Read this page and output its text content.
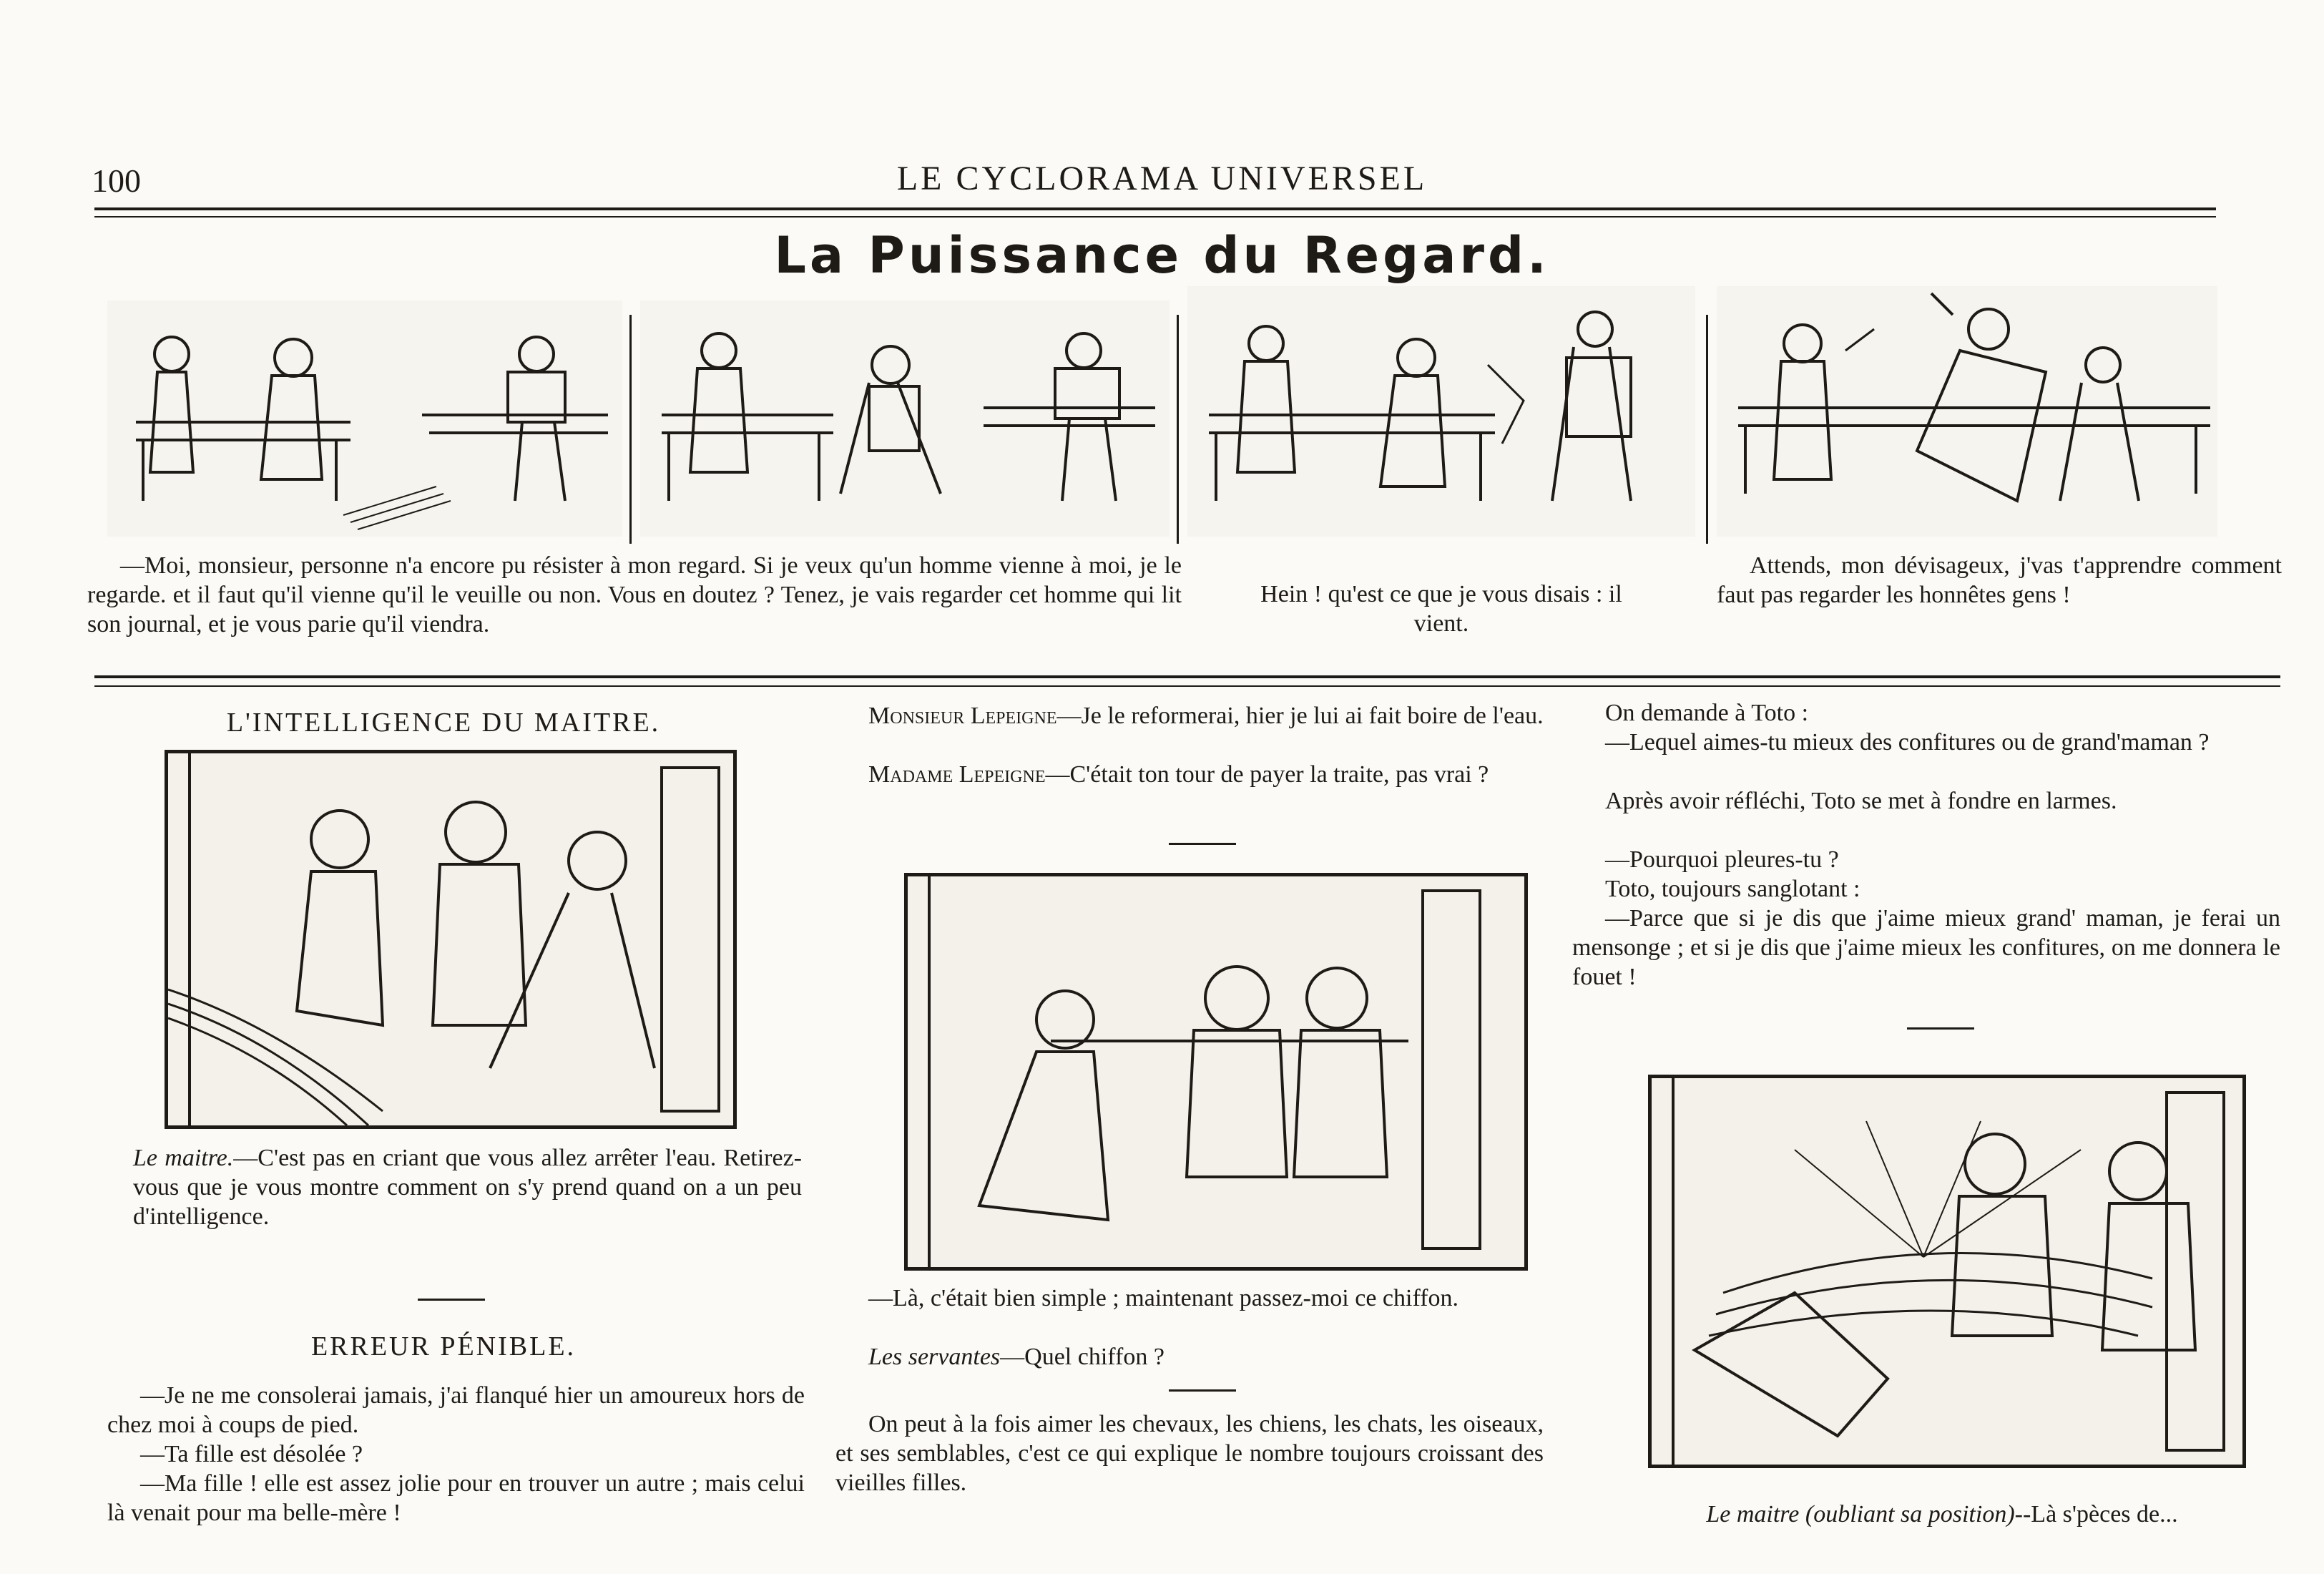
100	LE CYCLORAMA UNIVERSEL
La Puissance du Regard.

—Moi, monsieur, personne n'a encore pu résister à mon regard. Si je veux qu'un homme vienne à moi, je le regarde. et il faut qu'il vienne qu'il le veuille ou non. Vous en doutez ? Tenez, je vais regarder cet homme qui lit son journal, et je vous parie qu'il viendra.

Hein ! qu'est ce que je vous disais : il vient.

Attends, mon dévisageux, j'vas t'apprendre comment faut pas regarder les honnêtes gens !

L'INTELLIGENCE DU MAITRE.

Le maitre.—C'est pas en criant que vous allez arrêter l'eau. Retirez-vous que je vous montre comment on s'y prend quand on a un peu d'intelligence.

ERREUR PÉNIBLE.

—Je ne me consolerai jamais, j'ai flanqué hier un amoureux hors de chez moi à coups de pied.

—Ta fille est désolée ?

—Ma fille ! elle est assez jolie pour en trouver un autre ; mais celui là venait pour ma belle-mère !

Monsieur Lepeigne—Je le reformerai, hier je lui ai fait boire de l'eau.

Madame Lepeigne—C'était ton tour de payer la traite, pas vrai ?

—Là, c'était bien simple ; maintenant passez-moi ce chiffon.

Les servantes—Quel chiffon ?

On peut à la fois aimer les chevaux, les chiens, les chats, les oiseaux, et ses semblables, c'est ce qui explique le nombre toujours croissant des vieilles filles.

On demande à Toto :

—Lequel aimes-tu mieux des confitures ou de grand'maman ?

Après avoir réfléchi, Toto se met à fondre en larmes.

—Pourquoi pleures-tu ?

Toto, toujours sanglotant :

—Parce que si je dis que j'aime mieux grand' maman, je ferai un mensonge ; et si je dis que j'aime mieux les confitures, on me donnera le fouet !

Le maitre (oubliant sa position)--Là s'pèces de...
